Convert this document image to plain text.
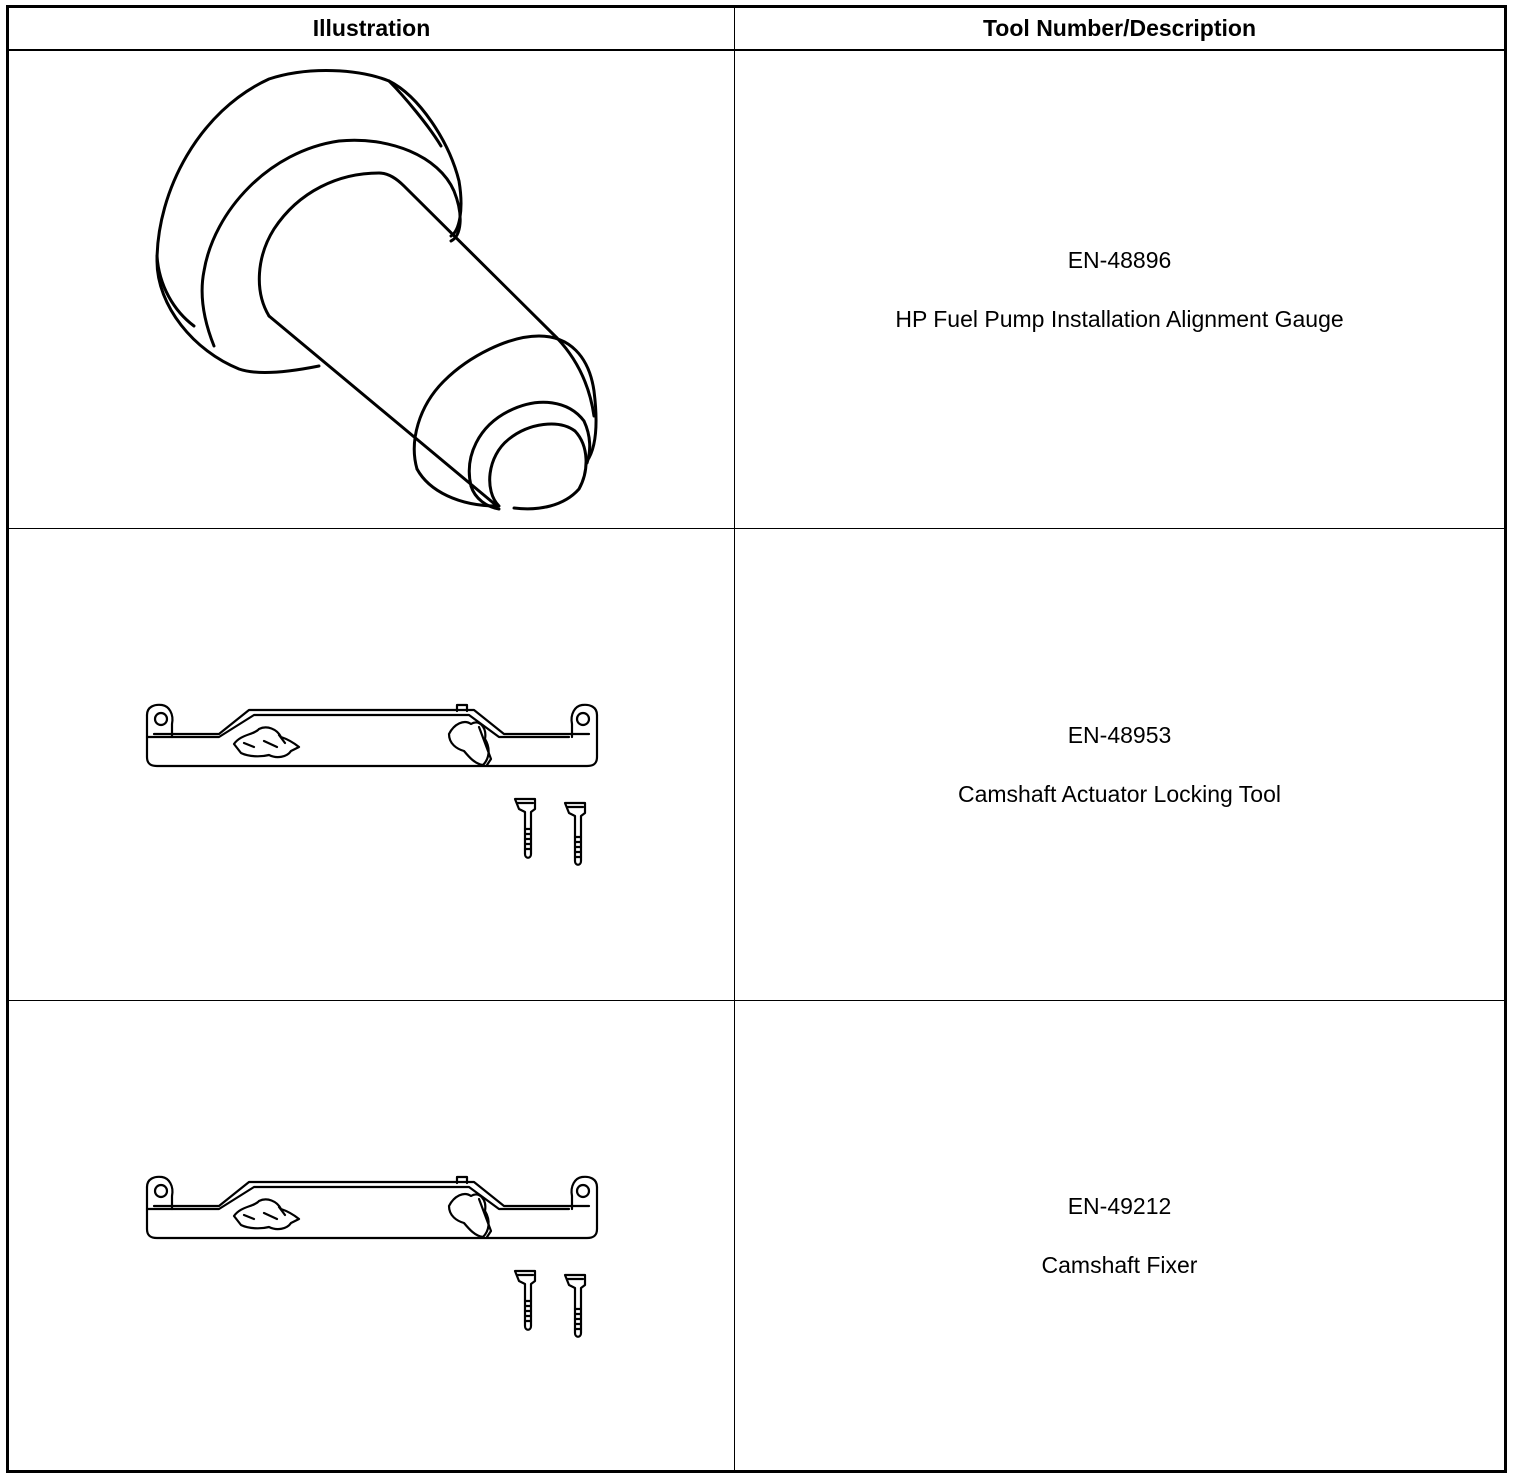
Illustration	Tool Number/Description
EN-48896
HP Fuel Pump Installation Alignment Gauge
EN-48953
Camshaft Actuator Locking Tool
EN-49212
Camshaft Fixer
